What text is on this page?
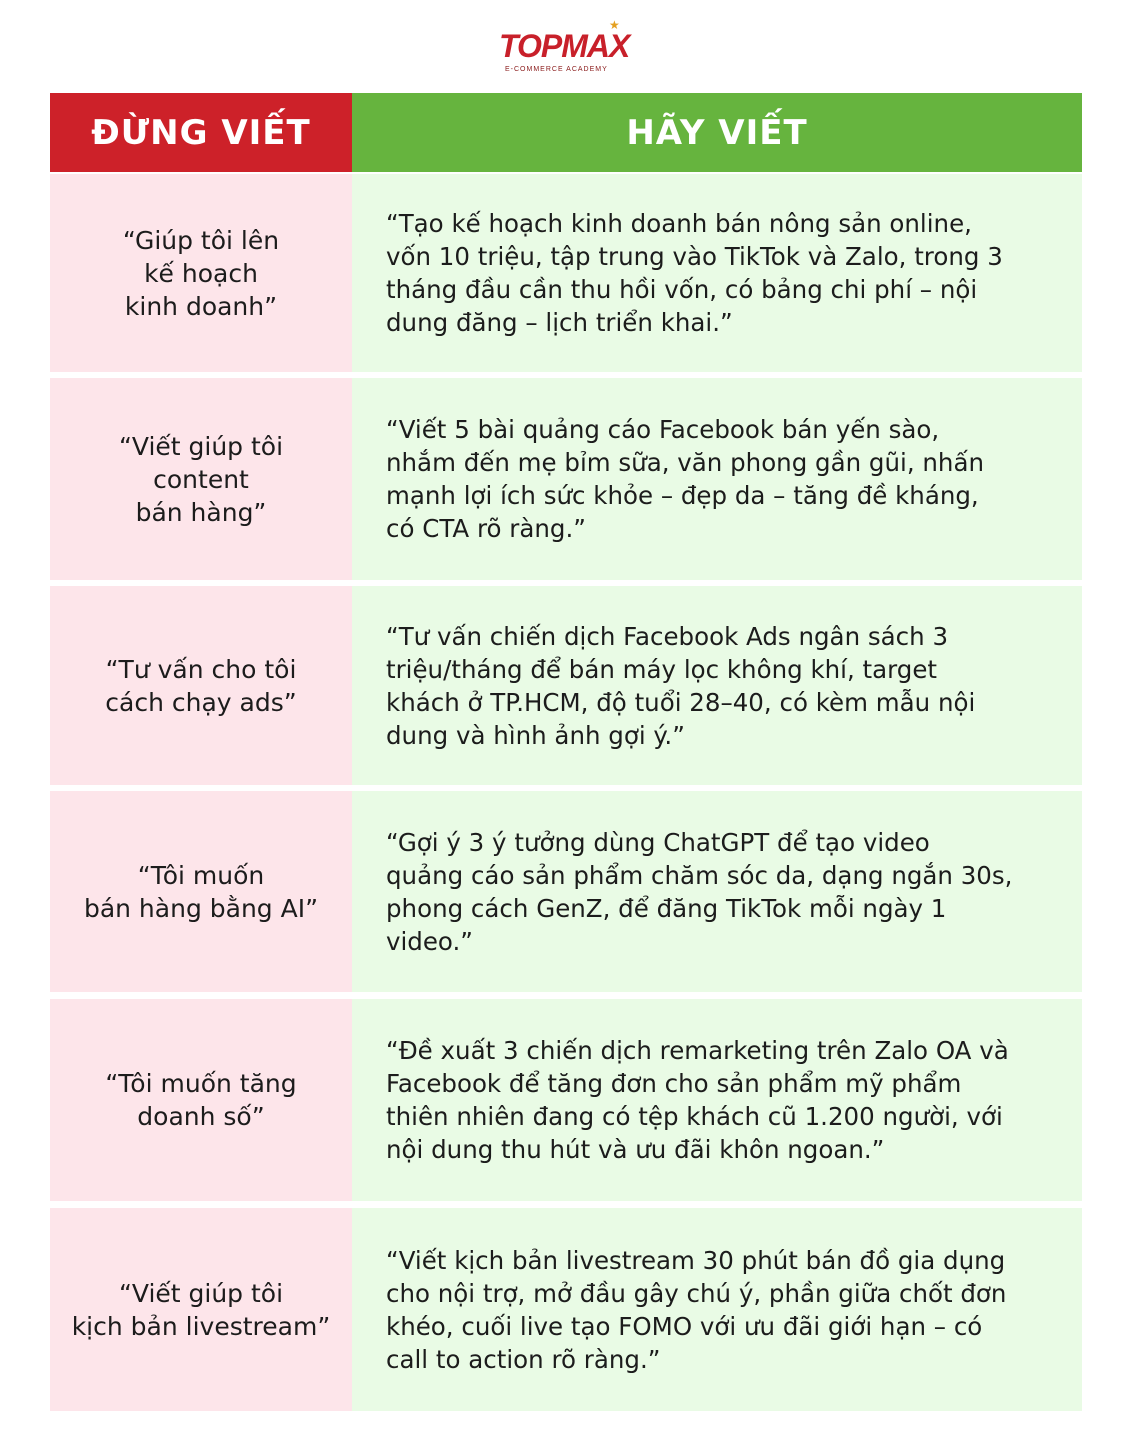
TOPMAX
E-COMMERCE ACADEMY
★
ĐỪNG VIẾT	HÃY VIẾT
“Giúp tôi lên
kế hoạch
kinh doanh”
“Tạo kế hoạch kinh doanh bán nông sản online,
vốn 10 triệu, tập trung vào TikTok và Zalo, trong 3
tháng đầu cần thu hồi vốn, có bảng chi phí – nội
dung đăng – lịch triển khai.”
“Viết giúp tôi
content
bán hàng”
“Viết 5 bài quảng cáo Facebook bán yến sào,
nhắm đến mẹ bỉm sữa, văn phong gần gũi, nhấn
mạnh lợi ích sức khỏe – đẹp da – tăng đề kháng,
có CTA rõ ràng.”
“Tư vấn cho tôi
cách chạy ads”
“Tư vấn chiến dịch Facebook Ads ngân sách 3
triệu/tháng để bán máy lọc không khí, target
khách ở TP.HCM, độ tuổi 28–40, có kèm mẫu nội
dung và hình ảnh gợi ý.”
“Tôi muốn
bán hàng bằng AI”
“Gợi ý 3 ý tưởng dùng ChatGPT để tạo video
quảng cáo sản phẩm chăm sóc da, dạng ngắn 30s,
phong cách GenZ, để đăng TikTok mỗi ngày 1
video.”
“Tôi muốn tăng
doanh số”
“Đề xuất 3 chiến dịch remarketing trên Zalo OA và
Facebook để tăng đơn cho sản phẩm mỹ phẩm
thiên nhiên đang có tệp khách cũ 1.200 người, với
nội dung thu hút và ưu đãi khôn ngoan.”
“Viết giúp tôi
kịch bản livestream”
“Viết kịch bản livestream 30 phút bán đồ gia dụng
cho nội trợ, mở đầu gây chú ý, phần giữa chốt đơn
khéo, cuối live tạo FOMO với ưu đãi giới hạn – có
call to action rõ ràng.”
